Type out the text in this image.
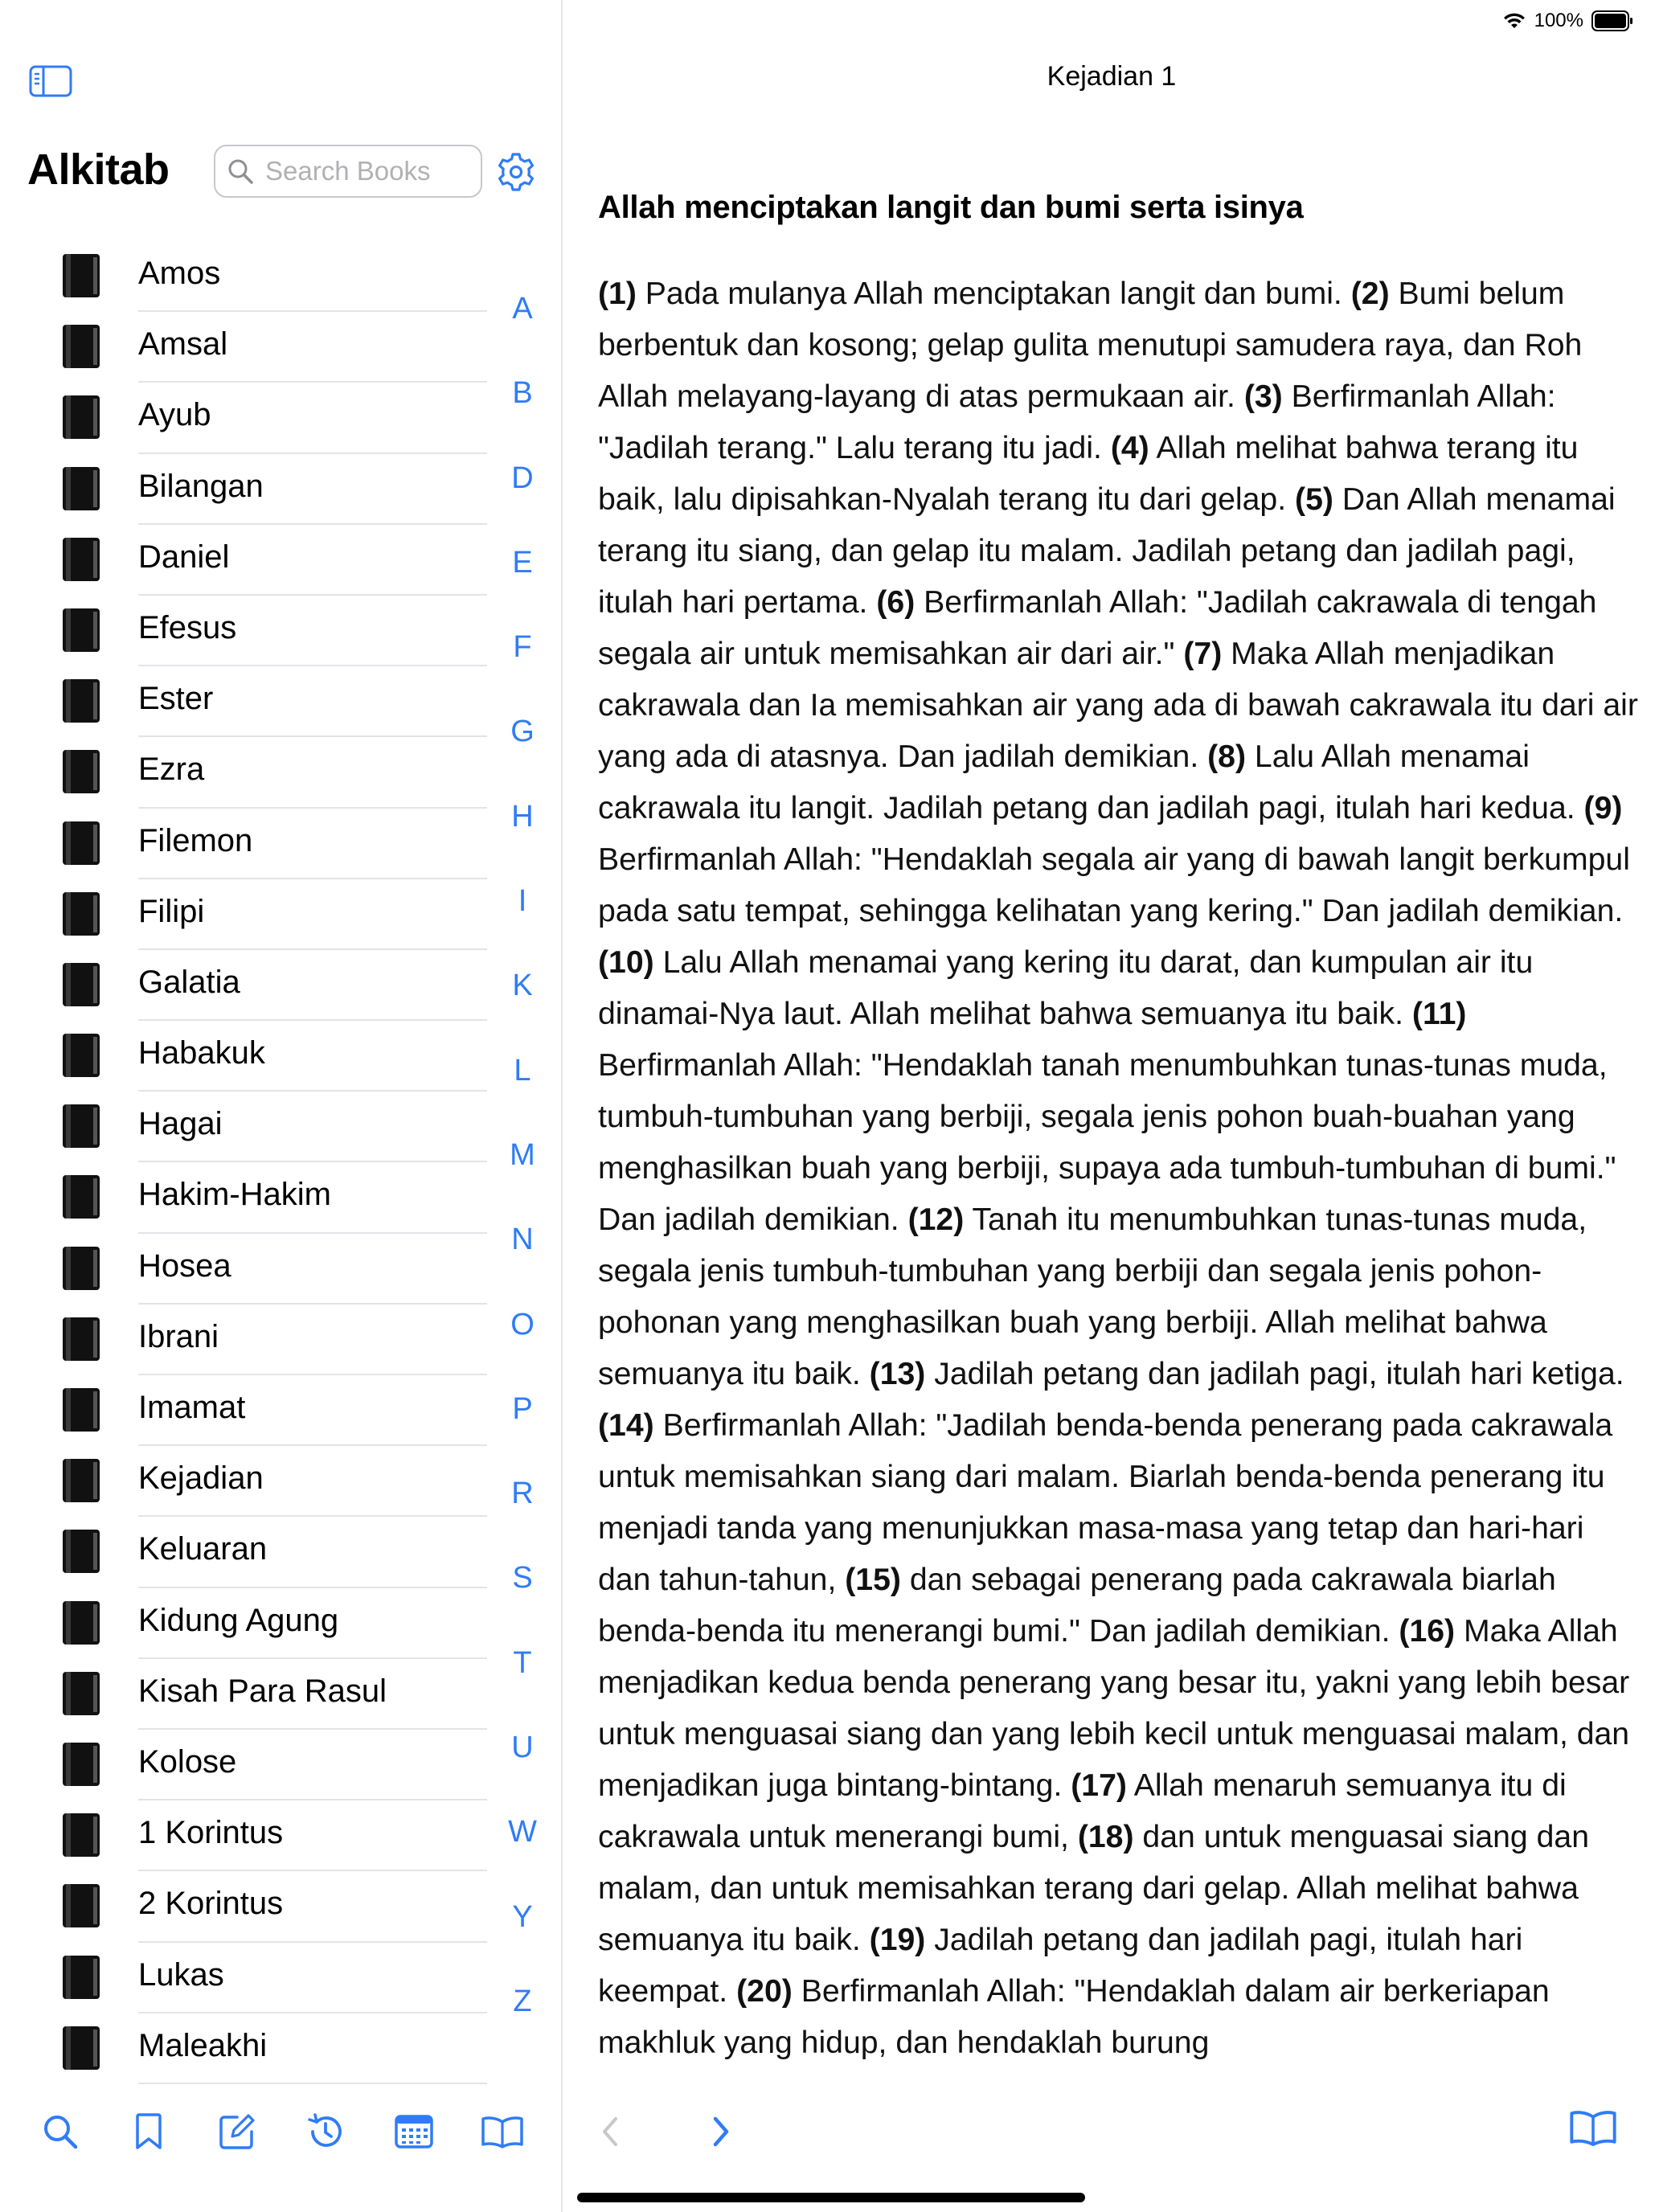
100%
Alkitab
Search Books
Amos
Amsal
Ayub
Bilangan
Daniel
Efesus
Ester
Ezra
Filemon
Filipi
Galatia
Habakuk
Hagai
Hakim-Hakim
Hosea
Ibrani
Imamat
Kejadian
Keluaran
Kidung Agung
Kisah Para Rasul
Kolose
1 Korintus
2 Korintus
Lukas
Maleakhi
A
B
D
E
F
G
H
I
K
L
M
N
O
P
R
S
T
U
W
Y
Z
Kejadian 1
Allah menciptakan langit dan bumi serta isinya
(1) Pada mulanya Allah menciptakan langit dan bumi. (2) Bumi belum berbentuk dan kosong; gelap gulita menutupi samudera raya, dan Roh Allah melayang-layang di atas permukaan air. (3) Berfirmanlah Allah: "Jadilah terang." Lalu terang itu jadi. (4) Allah melihat bahwa terang itu baik, lalu dipisahkan-Nyalah terang itu dari gelap. (5) Dan Allah menamai terang itu siang, dan gelap itu malam. Jadilah petang dan jadilah pagi, itulah hari pertama. (6) Berfirmanlah Allah: "Jadilah cakrawala di tengah segala air untuk memisahkan air dari air." (7) Maka Allah menjadikan cakrawala dan Ia memisahkan air yang ada di bawah cakrawala itu dari air yang ada di atasnya. Dan jadilah demikian. (8) Lalu Allah menamai cakrawala itu langit. Jadilah petang dan jadilah pagi, itulah hari kedua. (9) Berfirmanlah Allah: "Hendaklah segala air yang di bawah langit berkumpul pada satu tempat, sehingga kelihatan yang kering." Dan jadilah demikian. (10) Lalu Allah menamai yang kering itu darat, dan kumpulan air itu dinamai-Nya laut. Allah melihat bahwa semuanya itu baik. (11) Berfirmanlah Allah: "Hendaklah tanah menumbuhkan tunas-tunas muda, tumbuh-tumbuhan yang berbiji, segala jenis pohon buah-buahan yang menghasilkan buah yang berbiji, supaya ada tumbuh-tumbuhan di bumi." Dan jadilah demikian. (12) Tanah itu menumbuhkan tunas-tunas muda, segala jenis tumbuh-tumbuhan yang berbiji dan segala jenis pohon-pohonan yang menghasilkan buah yang berbiji. Allah melihat bahwa semuanya itu baik. (13) Jadilah petang dan jadilah pagi, itulah hari ketiga. (14) Berfirmanlah Allah: "Jadilah benda-benda penerang pada cakrawala untuk memisahkan siang dari malam. Biarlah benda-benda penerang itu menjadi tanda yang menunjukkan masa-masa yang tetap dan hari-hari dan tahun-tahun, (15) dan sebagai penerang pada cakrawala biarlah benda-benda itu menerangi bumi." Dan jadilah demikian. (16) Maka Allah menjadikan kedua benda penerang yang besar itu, yakni yang lebih besar untuk menguasai siang dan yang lebih kecil untuk menguasai malam, dan menjadikan juga bintang-bintang. (17) Allah menaruh semuanya itu di cakrawala untuk menerangi bumi, (18) dan untuk menguasai siang dan malam, dan untuk memisahkan terang dari gelap. Allah melihat bahwa semuanya itu baik. (19) Jadilah petang dan jadilah pagi, itulah hari keempat. (20) Berfirmanlah Allah: "Hendaklah dalam air berkeriapan makhluk yang hidup, dan hendaklah burung
